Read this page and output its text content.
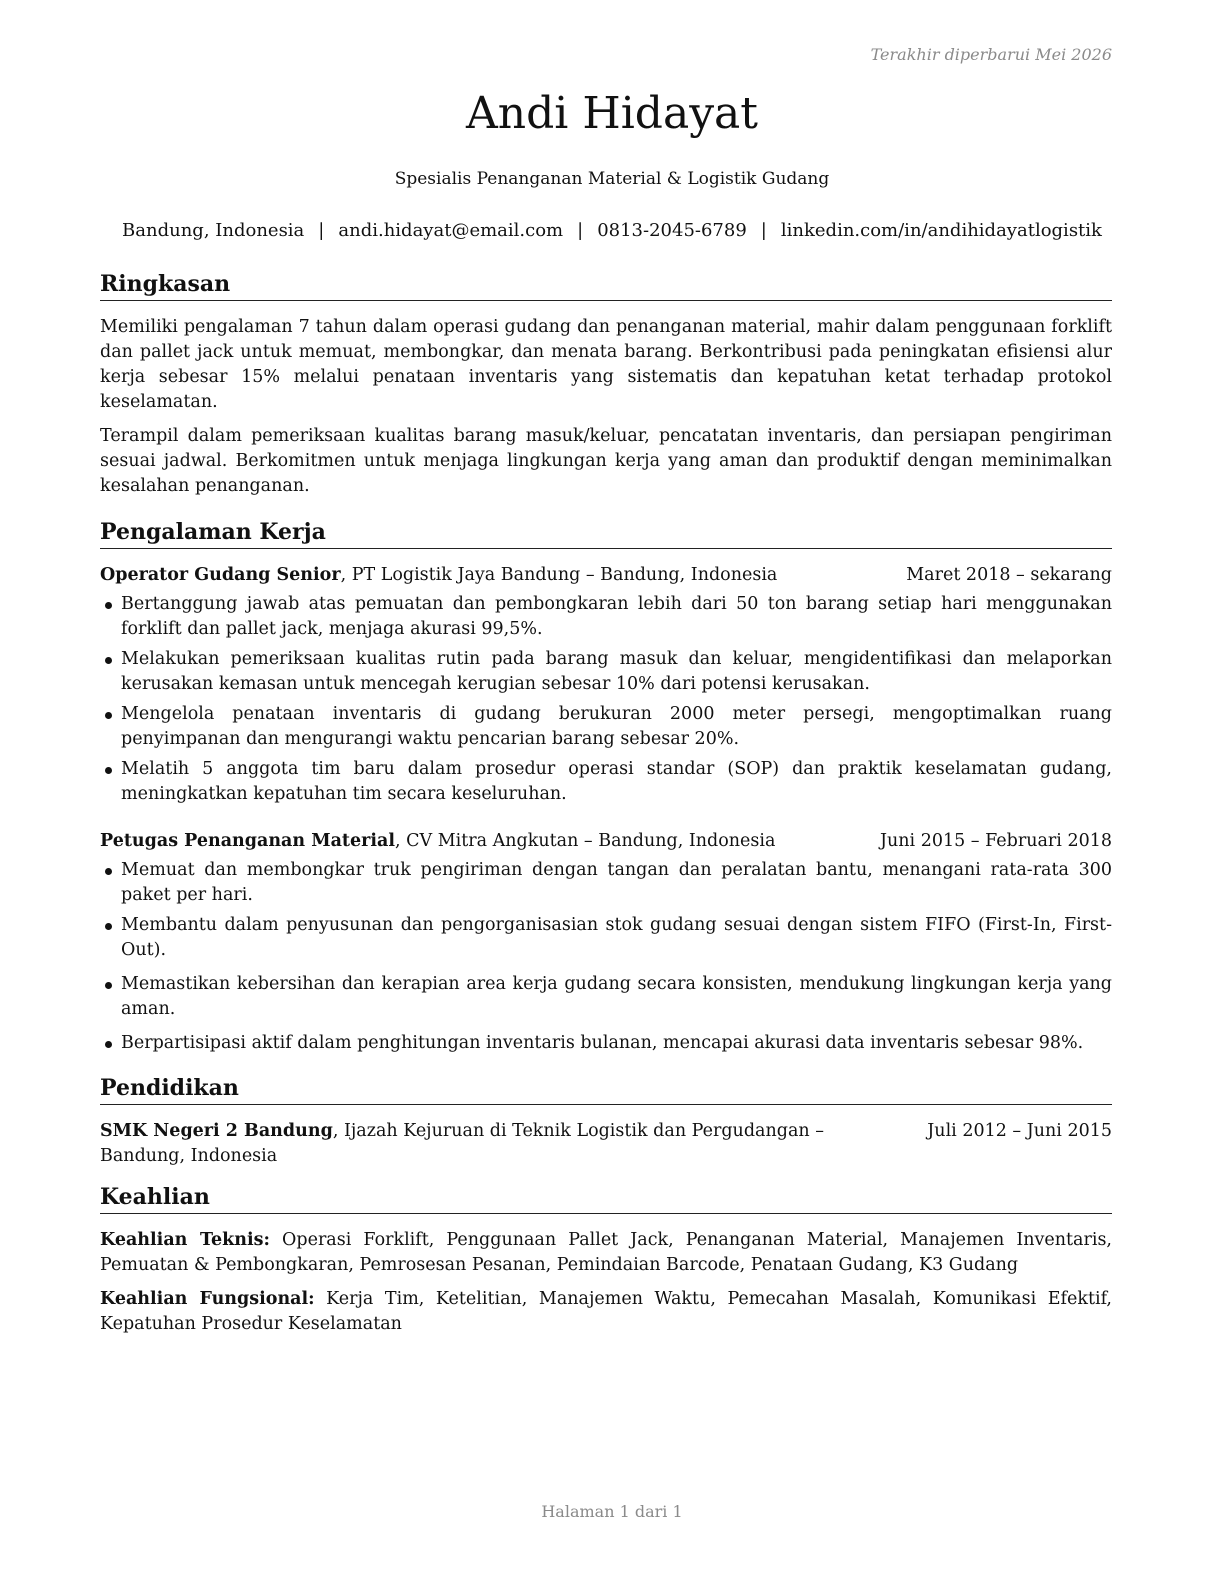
Terakhir diperbarui Mei 2026
Andi Hidayat
Spesialis Penanganan Material & Logistik Gudang
Bandung, Indonesia | andi.hidayat@email.com | 0813-2045-6789 | linkedin.com/in/andihidayatlogistik
Ringkasan

Memiliki pengalaman 7 tahun dalam operasi gudang dan penanganan material, mahir dalam penggunaan forklift dan pallet jack untuk memuat, membongkar, dan menata barang. Berkontribusi pada peningkatan efisiensi alur kerja sebesar 15% melalui penataan inventaris yang sistematis dan kepatuhan ketat terhadap protokol keselamatan.

Terampil dalam pemeriksaan kualitas barang masuk/keluar, pencatatan inventaris, dan persiapan pengiriman sesuai jadwal. Berkomitmen untuk menjaga lingkungan kerja yang aman dan produktif dengan meminimalkan kesalahan penanganan.

Pengalaman Kerja
Operator Gudang Senior, PT Logistik Jaya Bandung – Bandung, Indonesia	Maret 2018 – sekarang
Bertanggung jawab atas pemuatan dan pembongkaran lebih dari 50 ton barang setiap hari menggunakan forklift dan pallet jack, menjaga akurasi 99,5%.
Melakukan pemeriksaan kualitas rutin pada barang masuk dan keluar, mengidentifikasi dan melaporkan kerusakan kemasan untuk mencegah kerugian sebesar 10% dari potensi kerusakan.
Mengelola penataan inventaris di gudang berukuran 2000 meter persegi, mengoptimalkan ruang penyimpanan dan mengurangi waktu pencarian barang sebesar 20%.
Melatih 5 anggota tim baru dalam prosedur operasi standar (SOP) dan praktik keselamatan gudang, meningkatkan kepatuhan tim secara keseluruhan.
Petugas Penanganan Material, CV Mitra Angkutan – Bandung, Indonesia	Juni 2015 – Februari 2018
Memuat dan membongkar truk pengiriman dengan tangan dan peralatan bantu, menangani rata-rata 300 paket per hari.
Membantu dalam penyusunan dan pengorganisasian stok gudang sesuai dengan sistem FIFO (First-In, First-Out).
Memastikan kebersihan dan kerapian area kerja gudang secara konsisten, mendukung lingkungan kerja yang aman.
Berpartisipasi aktif dalam penghitungan inventaris bulanan, mencapai akurasi data inventaris sebesar 98%.
Pendidikan
SMK Negeri 2 Bandung, Ijazah Kejuruan di Teknik Logistik dan Pergudangan – Bandung, Indonesia
Juli 2012 – Juni 2015
Keahlian

Keahlian Teknis: Operasi Forklift, Penggunaan Pallet Jack, Penanganan Material, Manajemen Inventaris, Pemuatan & Pembongkaran, Pemrosesan Pesanan, Pemindaian Barcode, Penataan Gudang, K3 Gudang

Keahlian Fungsional: Kerja Tim, Ketelitian, Manajemen Waktu, Pemecahan Masalah, Komunikasi Efektif, Kepatuhan Prosedur Keselamatan

Halaman 1 dari 1
